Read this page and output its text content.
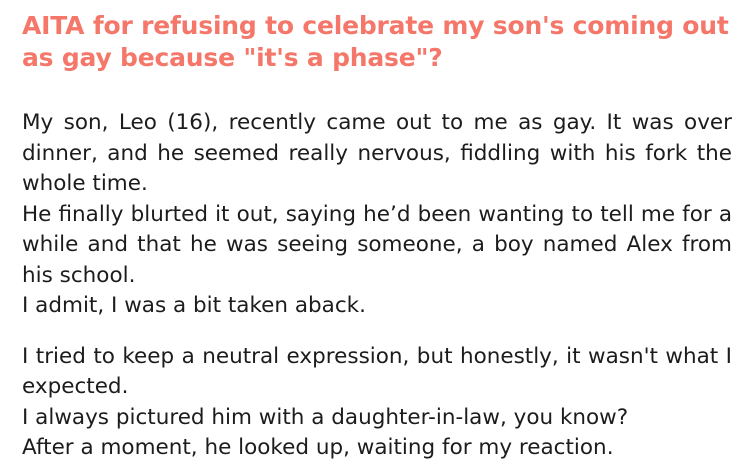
AITA for refusing to celebrate my son's coming out as gay because "it's a phase"?

My son, Leo (16), recently came out to me as gay. It was over dinner, and he seemed really nervous, fiddling with his fork the whole time.

He finally blurted it out, saying he’d been wanting to tell me for a while and that he was seeing someone, a boy named Alex from his school.

I admit, I was a bit taken aback.

I tried to keep a neutral expression, but honestly, it wasn't what I expected.

I always pictured him with a daughter-in-law, you know?

After a moment, he looked up, waiting for my reaction.
